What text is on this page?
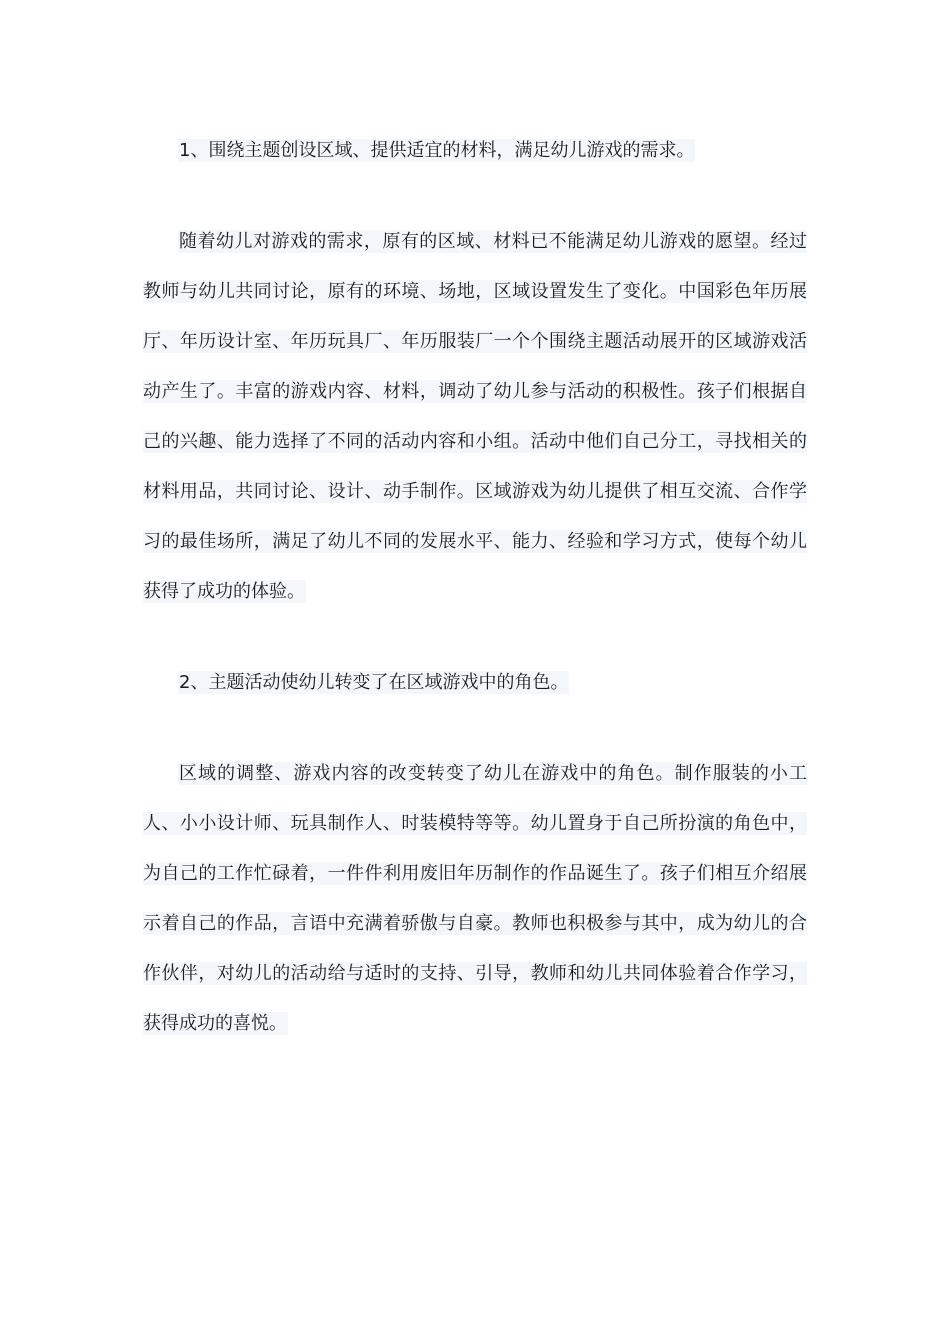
1、围绕主题创设区域、提供适宜的材料，满足幼儿游戏的需求。

随着幼儿对游戏的需求，原有的区域、材料已不能满足幼儿游戏的愿望。经过教师与幼儿共同讨论，原有的环境、场地，区域设置发生了变化。中国彩色年历展厅、年历设计室、年历玩具厂、年历服装厂一个个围绕主题活动展开的区域游戏活动产生了。丰富的游戏内容、材料，调动了幼儿参与活动的积极性。孩子们根据自己的兴趣、能力选择了不同的活动内容和小组。活动中他们自己分工，寻找相关的材料用品，共同讨论、设计、动手制作。区域游戏为幼儿提供了相互交流、合作学习的最佳场所，满足了幼儿不同的发展水平、能力、经验和学习方式，使每个幼儿获得了成功的体验。

2、主题活动使幼儿转变了在区域游戏中的角色。

区域的调整、游戏内容的改变转变了幼儿在游戏中的角色。制作服装的小工人、小小设计师、玩具制作人、时装模特等等。幼儿置身于自己所扮演的角色中，为自己的工作忙碌着，一件件利用废旧年历制作的作品诞生了。孩子们相互介绍展示着自己的作品，言语中充满着骄傲与自豪。教师也积极参与其中，成为幼儿的合作伙伴，对幼儿的活动给与适时的支持、引导，教师和幼儿共同体验着合作学习，获得成功的喜悦。
